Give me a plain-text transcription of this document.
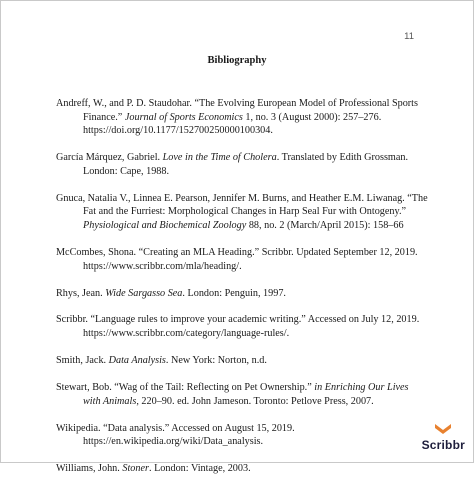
11
Bibliography
Andreff, W., and P. D. Staudohar. “The Evolving European Model of Professional Sports Finance.” Journal of Sports Economics 1, no. 3 (August 2000): 257–276. https://doi.org/10.1177/152700250000100304.
García Márquez, Gabriel. Love in the Time of Cholera. Translated by Edith Grossman. London: Cape, 1988.
Gnuca, Natalia V., Linnea E. Pearson, Jennifer M. Burns, and Heather E.M. Liwanag. “The Fat and the Furriest: Morphological Changes in Harp Seal Fur with Ontogeny.” Physiological and Biochemical Zoology 88, no. 2 (March/April 2015): 158–66
McCombes, Shona. “Creating an MLA Heading.” Scribbr. Updated September 12, 2019. https://www.scribbr.com/mla/heading/.
Rhys, Jean. Wide Sargasso Sea. London: Penguin, 1997.
Scribbr. “Language rules to improve your academic writing.” Accessed on July 12, 2019. https://www.scribbr.com/category/language-rules/.
Smith, Jack. Data Analysis. New York: Norton, n.d.
Stewart, Bob. “Wag of the Tail: Reflecting on Pet Ownership.” in Enriching Our Lives with Animals, 220–90. ed. John Jameson. Toronto: Petlove Press, 2007.
Wikipedia. “Data analysis.” Accessed on August 15, 2019. https://en.wikipedia.org/wiki/Data_analysis.
Williams, John. Stoner. London: Vintage, 2003.
Scribbr
